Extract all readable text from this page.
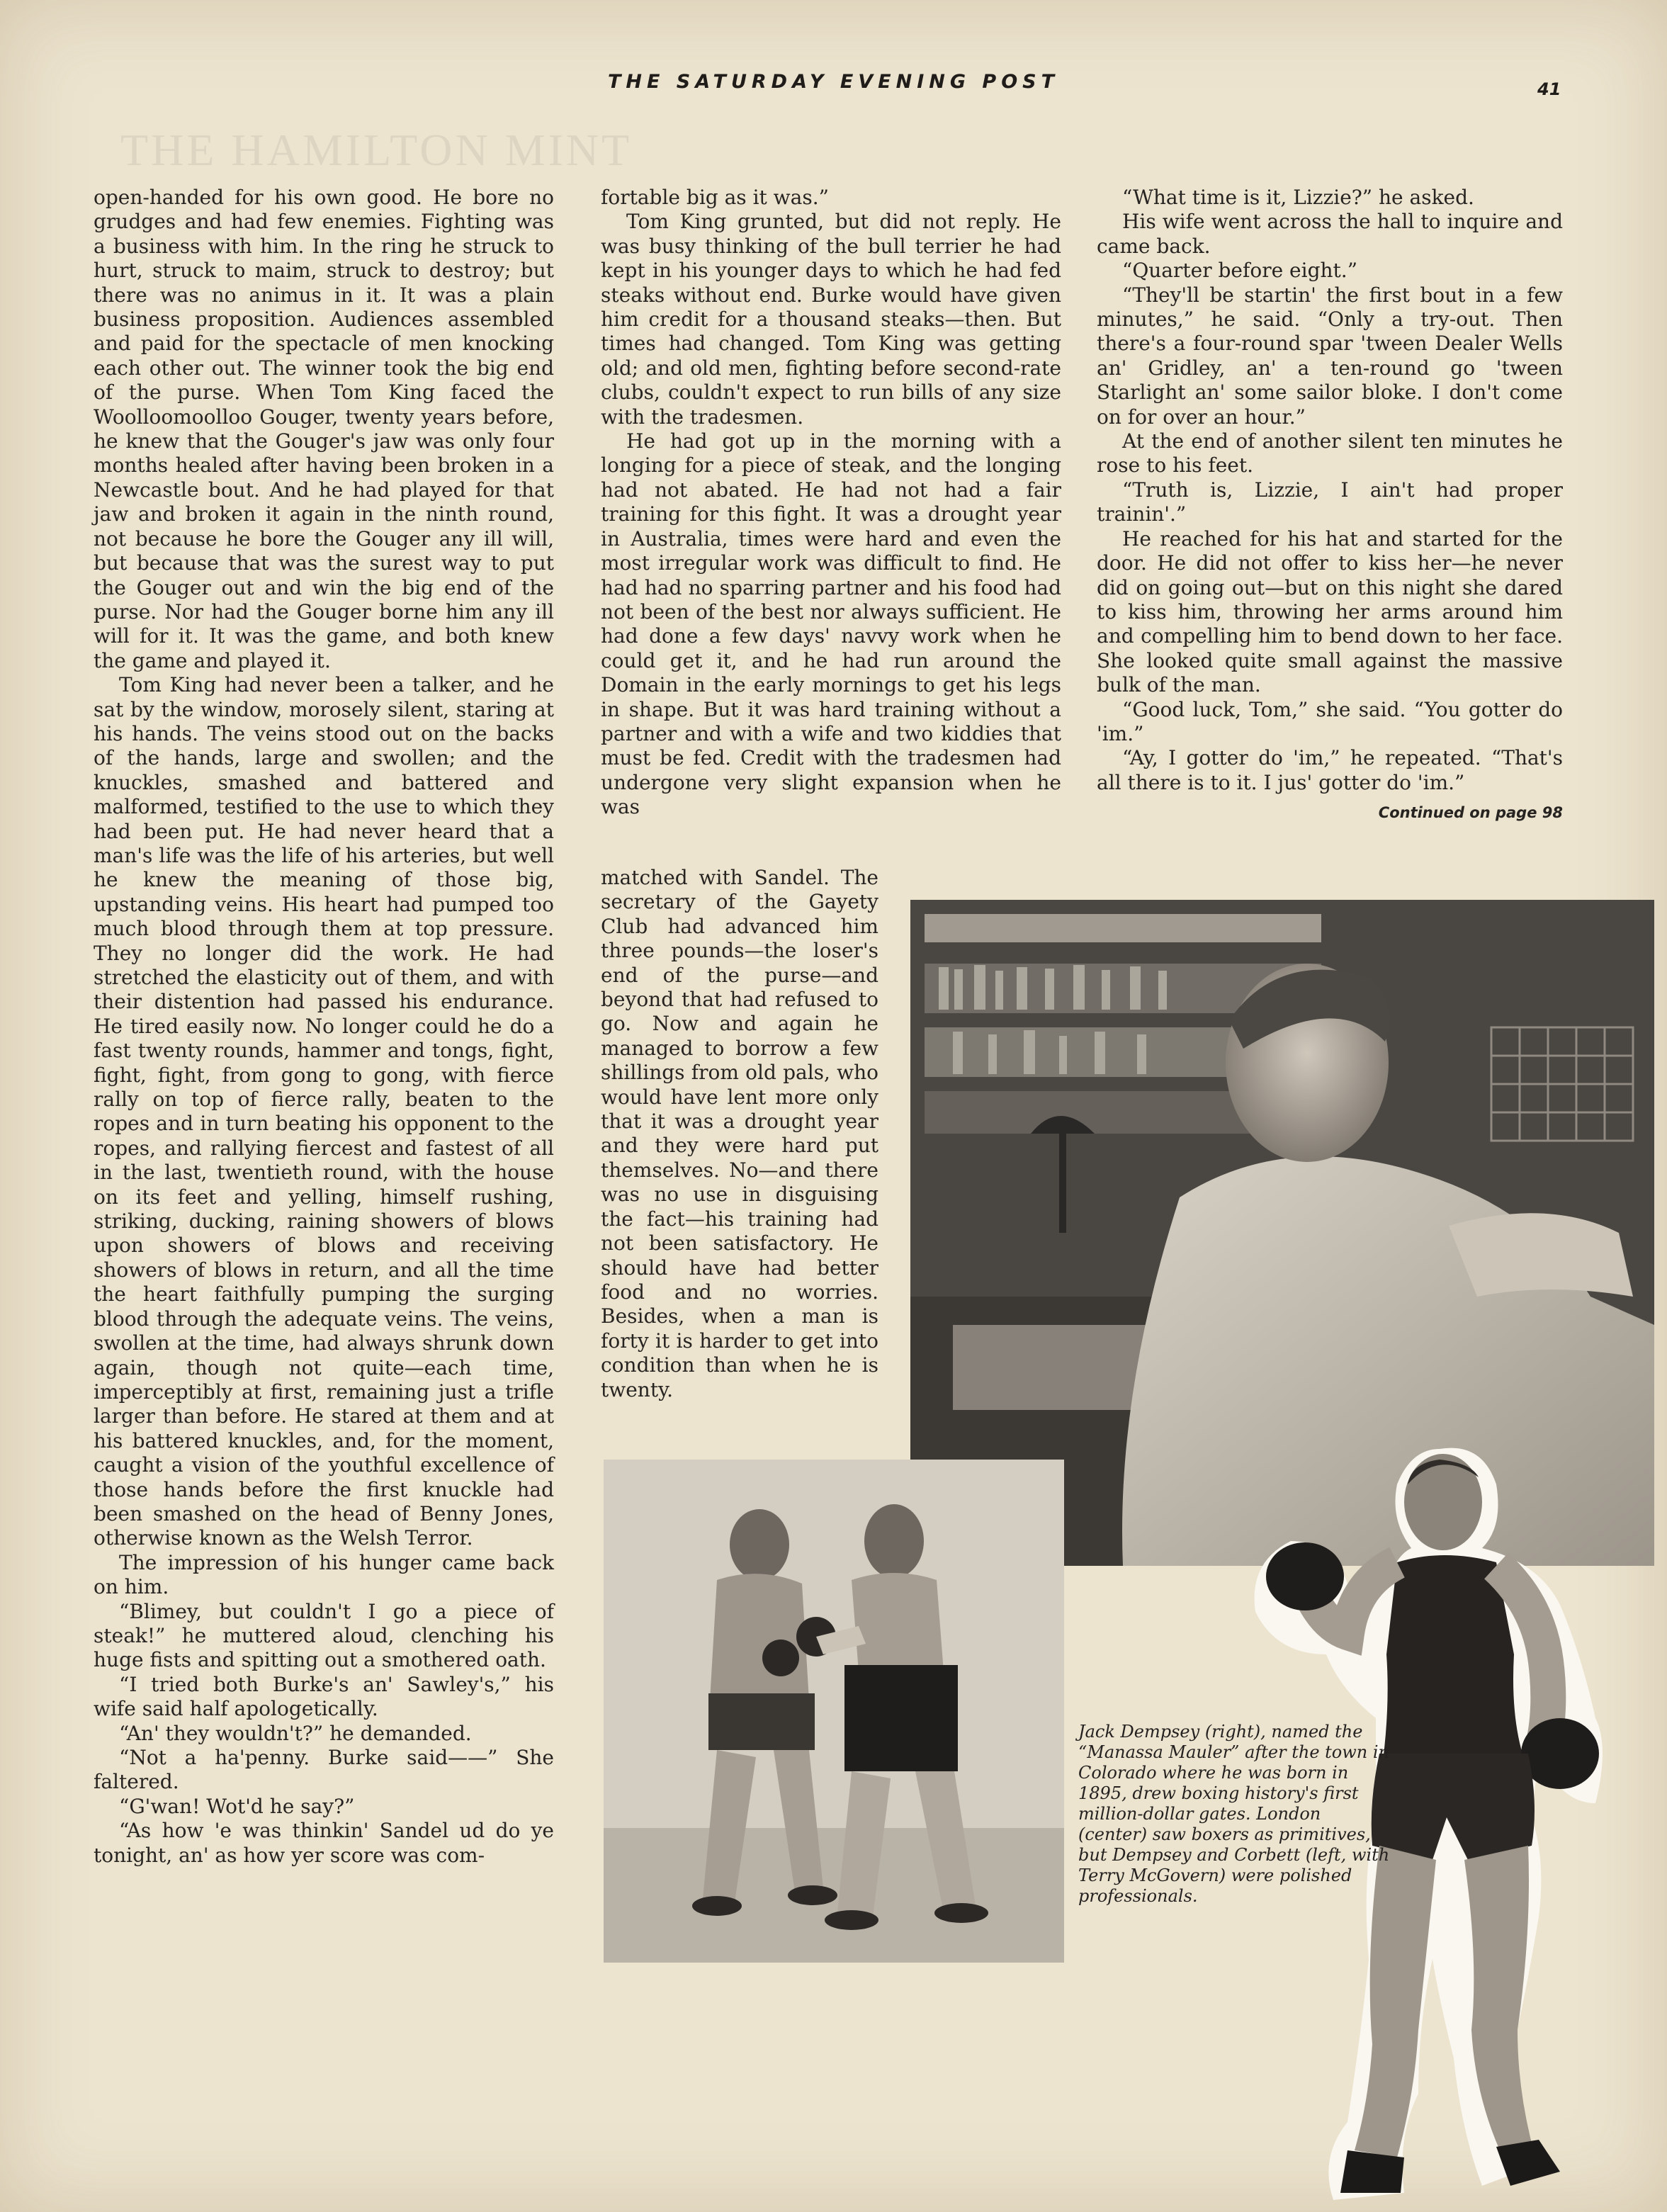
THE HAMILTON MINT
THE SATURDAY EVENING POST	41

open-handed for his own good. He bore no grudges and had few enemies. Fighting was a business with him. In the ring he struck to hurt, struck to maim, struck to destroy; but there was no animus in it. It was a plain business proposition. Audiences assembled and paid for the spectacle of men knocking each other out. The winner took the big end of the purse. When Tom King faced the Woolloomoolloo Gouger, twenty years before, he knew that the Gouger's jaw was only four months healed after having been broken in a Newcastle bout. And he had played for that jaw and broken it again in the ninth round, not because he bore the Gouger any ill will, but because that was the surest way to put the Gouger out and win the big end of the purse. Nor had the Gouger borne him any ill will for it. It was the game, and both knew the game and played it.

Tom King had never been a talker, and he sat by the window, morosely silent, staring at his hands. The veins stood out on the backs of the hands, large and swollen; and the knuckles, smashed and battered and malformed, testified to the use to which they had been put. He had never heard that a man's life was the life of his arteries, but well he knew the meaning of those big, upstanding veins. His heart had pumped too much blood through them at top pressure. They no longer did the work. He had stretched the elasticity out of them, and with their distention had passed his endurance. He tired easily now. No longer could he do a fast twenty rounds, hammer and tongs, fight, fight, fight, from gong to gong, with fierce rally on top of fierce rally, beaten to the ropes and in turn beating his opponent to the ropes, and rallying fiercest and fastest of all in the last, twentieth round, with the house on its feet and yelling, himself rushing, striking, ducking, raining showers of blows upon showers of blows and receiving showers of blows in return, and all the time the heart faithfully pumping the surging blood through the adequate veins. The veins, swollen at the time, had always shrunk down again, though not quite—each time, imperceptibly at first, remaining just a trifle larger than before. He stared at them and at his battered knuckles, and, for the moment, caught a vision of the youthful excellence of those hands before the first knuckle had been smashed on the head of Benny Jones, otherwise known as the Welsh Terror.

The impression of his hunger came back on him.

“Blimey, but couldn't I go a piece of steak!” he muttered aloud, clenching his huge fists and spitting out a smothered oath.

“I tried both Burke's an' Sawley's,” his wife said half apologetically.

“An' they wouldn't?” he demanded.

“Not a ha'penny. Burke said——” She faltered.

“G'wan! Wot'd he say?”

“As how 'e was thinkin' Sandel ud do ye tonight, an' as how yer score was com-

fortable big as it was.”

Tom King grunted, but did not reply. He was busy thinking of the bull terrier he had kept in his younger days to which he had fed steaks without end. Burke would have given him credit for a thousand steaks—then. But times had changed. Tom King was getting old; and old men, fighting before second-rate clubs, couldn't expect to run bills of any size with the tradesmen.

He had got up in the morning with a longing for a piece of steak, and the longing had not abated. He had not had a fair training for this fight. It was a drought year in Australia, times were hard and even the most irregular work was difficult to find. He had had no sparring partner and his food had not been of the best nor always sufficient. He had done a few days' navvy work when he could get it, and he had run around the Domain in the early mornings to get his legs in shape. But it was hard training without a partner and with a wife and two kiddies that must be fed. Credit with the tradesmen had undergone very slight expansion when he was

matched with Sandel. The secretary of the Gayety Club had advanced him three pounds—the loser's end of the purse—and beyond that had refused to go. Now and again he managed to borrow a few shillings from old pals, who would have lent more only that it was a drought year and they were hard put themselves. No—and there was no use in disguising the fact—his training had not been satisfactory. He should have had better food and no worries. Besides, when a man is forty it is harder to get into condition than when he is twenty.

“What time is it, Lizzie?” he asked.

His wife went across the hall to inquire and came back.

“Quarter before eight.”

“They'll be startin' the first bout in a few minutes,” he said. “Only a try-out. Then there's a four-round spar 'tween Dealer Wells an' Gridley, an' a ten-round go 'tween Starlight an' some sailor bloke. I don't come on for over an hour.”

At the end of another silent ten minutes he rose to his feet.

“Truth is, Lizzie, I ain't had proper trainin'.”

He reached for his hat and started for the door. He did not offer to kiss her—he never did on going out—but on this night she dared to kiss him, throwing her arms around him and compelling him to bend down to her face. She looked quite small against the massive bulk of the man.

“Good luck, Tom,” she said. “You gotter do 'im.”

“Ay, I gotter do 'im,” he repeated. “That's all there is to it. I jus' gotter do 'im.”

Continued on page 98

Jack Dempsey (right), named the “Manassa Mauler” after the town in Colorado where he was born in 1895, drew boxing history's first million-dollar gates. London (center) saw boxers as primitives, but Dempsey and Corbett (left, with Terry McGovern) were polished professionals.
